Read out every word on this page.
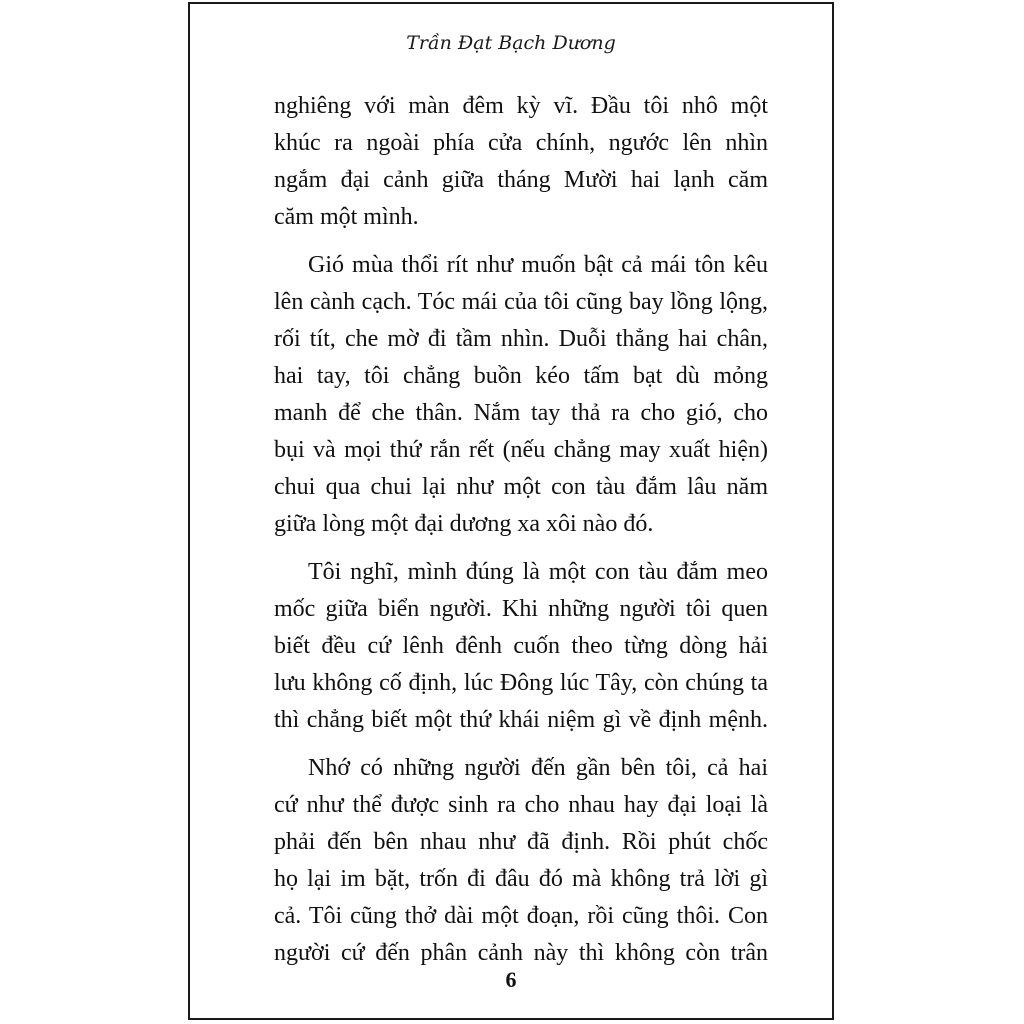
Trần Đạt Bạch Dương
nghiêng với màn đêm kỳ vĩ. Đầu tôi nhô một
khúc ra ngoài phía cửa chính, ngước lên nhìn
ngắm đại cảnh giữa tháng Mười hai lạnh căm
căm một mình.
Gió mùa thổi rít như muốn bật cả mái tôn kêu
lên cành cạch. Tóc mái của tôi cũng bay lồng lộng,
rối tít, che mờ đi tầm nhìn. Duỗi thẳng hai chân,
hai tay, tôi chẳng buồn kéo tấm bạt dù mỏng
manh để che thân. Nắm tay thả ra cho gió, cho
bụi và mọi thứ rắn rết (nếu chẳng may xuất hiện)
chui qua chui lại như một con tàu đắm lâu năm
giữa lòng một đại dương xa xôi nào đó.
Tôi nghĩ, mình đúng là một con tàu đắm meo
mốc giữa biển người. Khi những người tôi quen
biết đều cứ lênh đênh cuốn theo từng dòng hải
lưu không cố định, lúc Đông lúc Tây, còn chúng ta
thì chẳng biết một thứ khái niệm gì về định mệnh.
Nhớ có những người đến gần bên tôi, cả hai
cứ như thể được sinh ra cho nhau hay đại loại là
phải đến bên nhau như đã định. Rồi phút chốc
họ lại im bặt, trốn đi đâu đó mà không trả lời gì
cả. Tôi cũng thở dài một đoạn, rồi cũng thôi. Con
người cứ đến phân cảnh này thì không còn trân
6
